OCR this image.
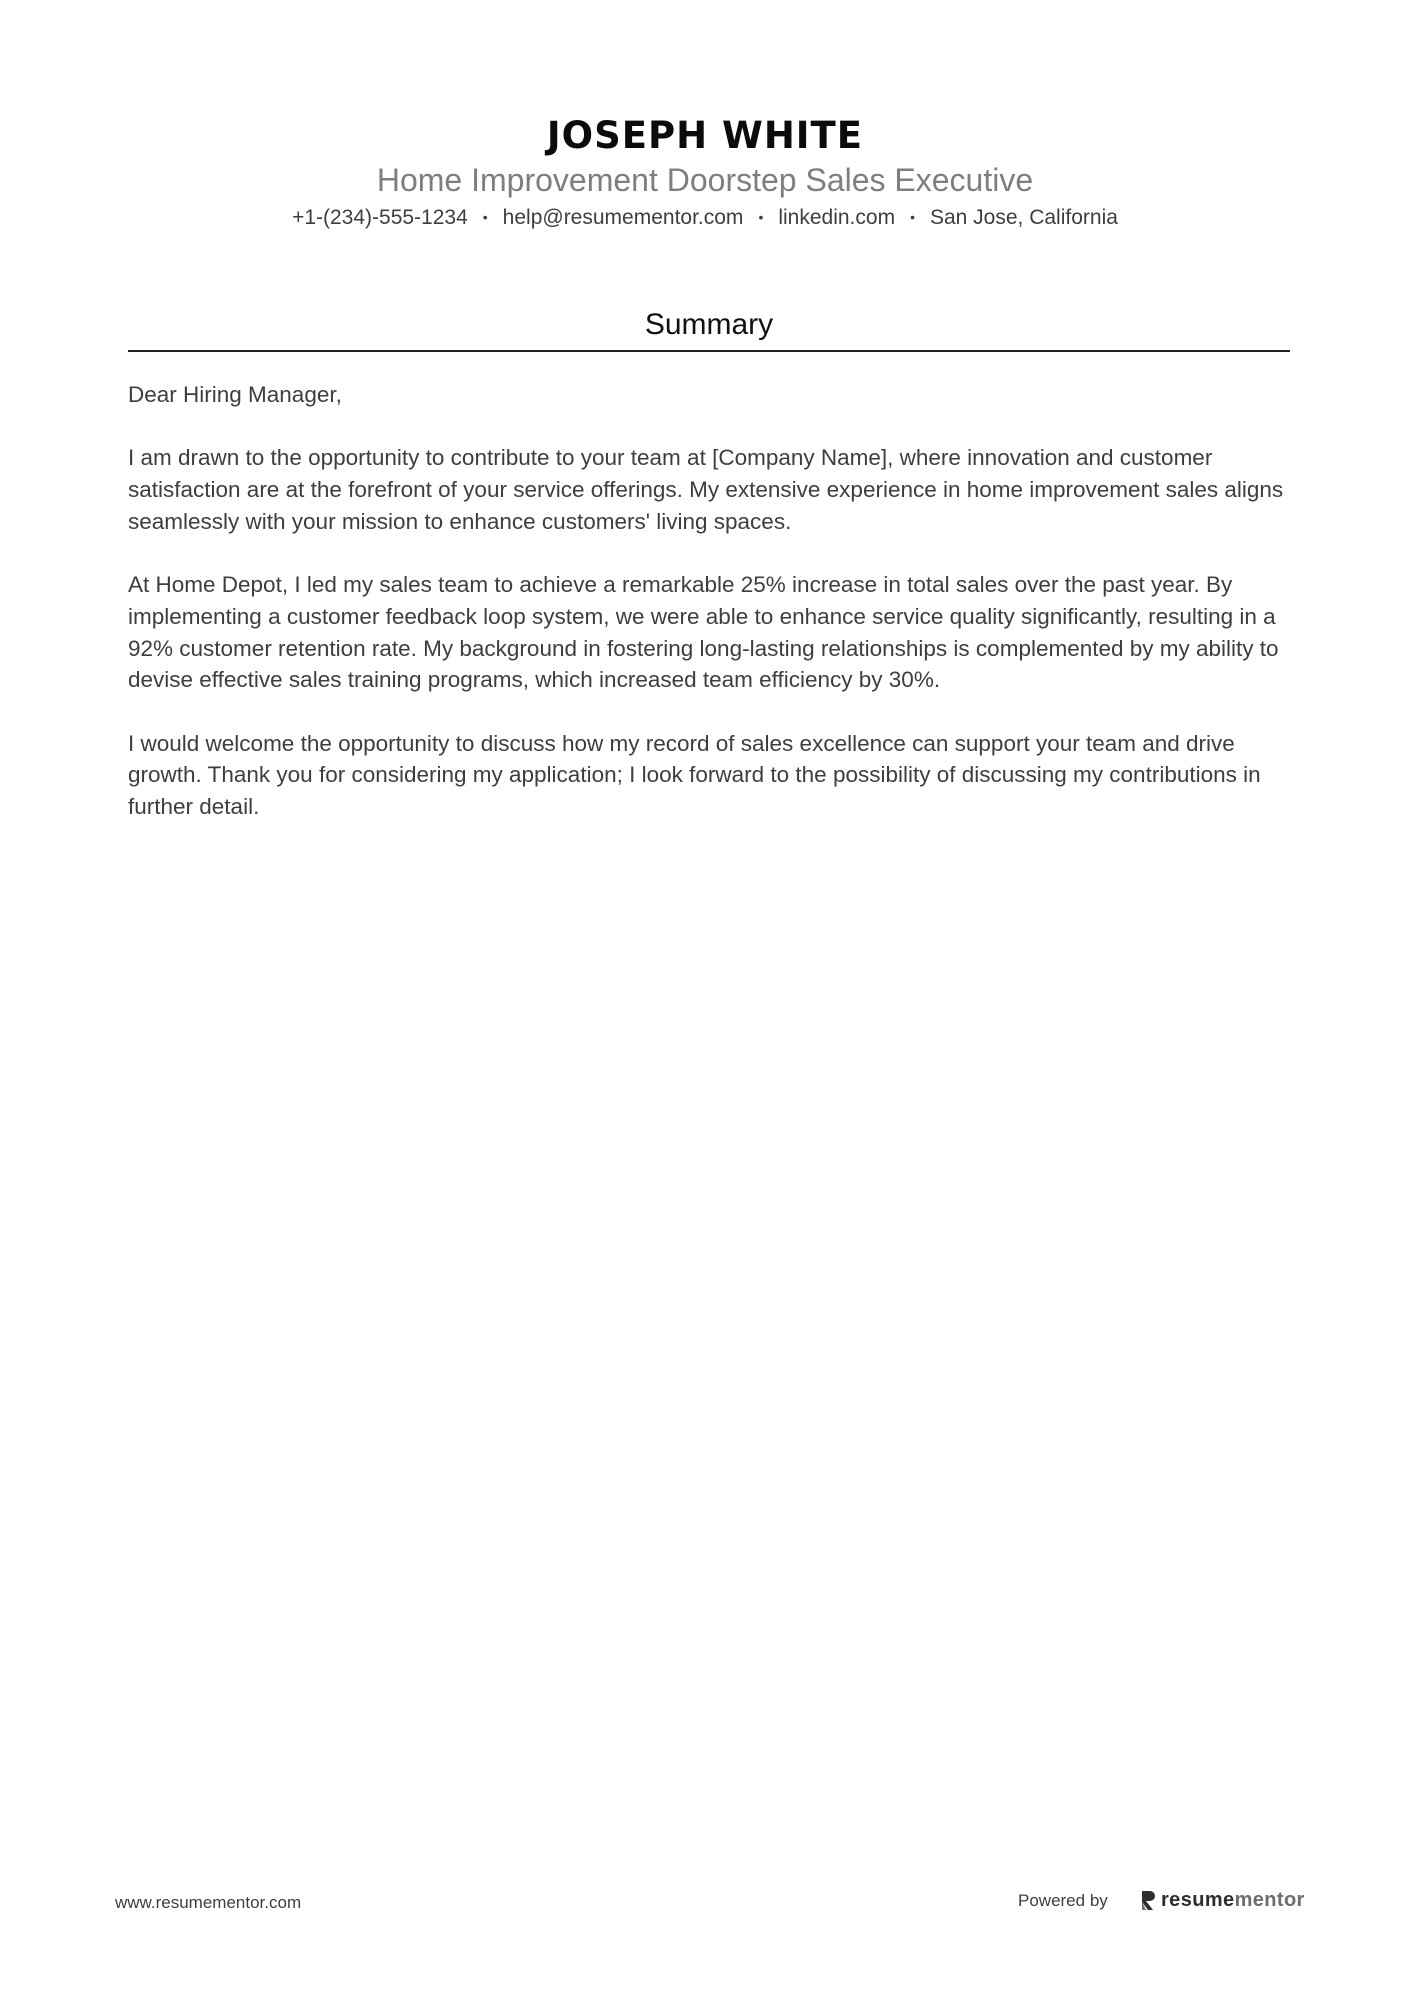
JOSEPH WHITE
Home Improvement Doorstep Sales Executive
+1-(234)-555-1234 • help@resumementor.com • linkedin.com • San Jose, California
Summary

Dear Hiring Manager,

I am drawn to the opportunity to contribute to your team at [Company Name], where innovation and customer satisfaction are at the forefront of your service offerings. My extensive experience in home improvement sales aligns seamlessly with your mission to enhance customers' living spaces.

At Home Depot, I led my sales team to achieve a remarkable 25% increase in total sales over the past year. By implementing a customer feedback loop system, we were able to enhance service quality significantly, resulting in a 92% customer retention rate. My background in fostering long-lasting relationships is complemented by my ability to devise effective sales training programs, which increased team efficiency by 30%.

I would welcome the opportunity to discuss how my record of sales excellence can support your team and drive growth. Thank you for considering my application; I look forward to the possibility of discussing my contributions in further detail.

www.resumementor.com	Powered by	resumementor
